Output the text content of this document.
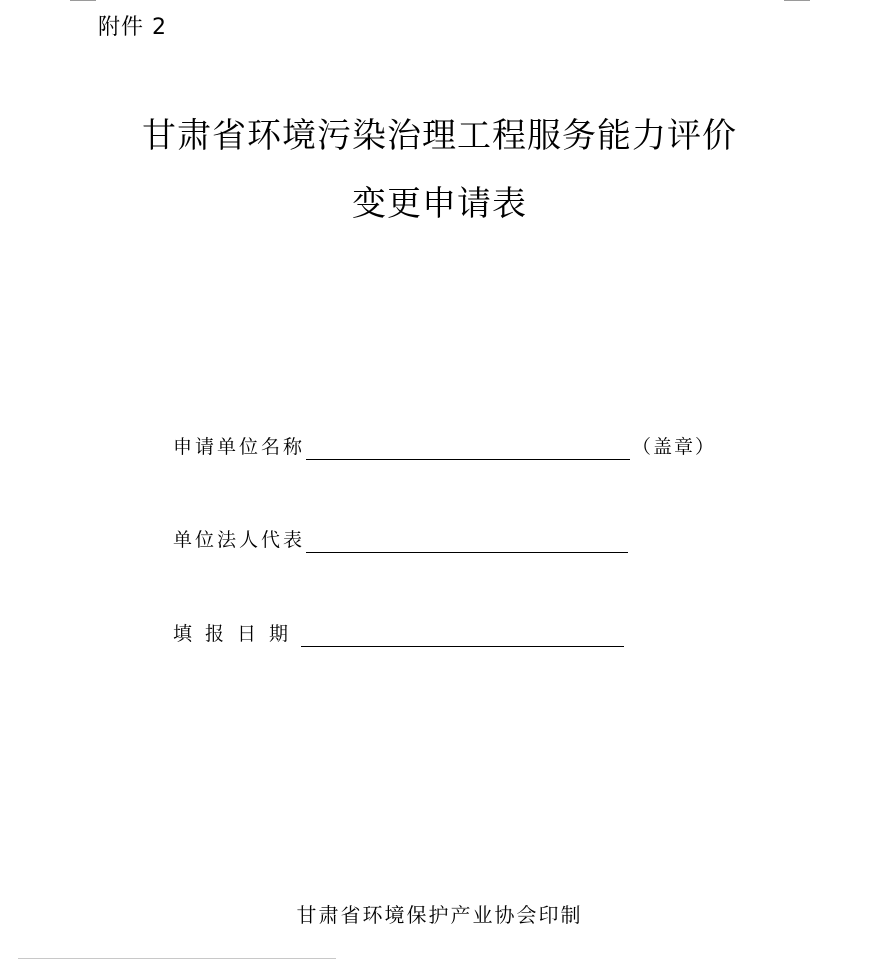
附件 2
甘肃省环境污染治理工程服务能力评价
变更申请表
申请单位名称	（盖章）
单位法人代表
填报日期
甘肃省环境保护产业协会印制
